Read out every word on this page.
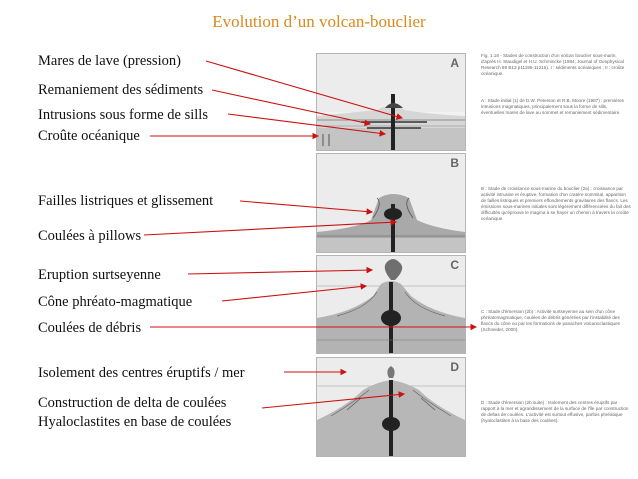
Evolution d’un volcan-bouclier
Mares de lave (pression)
Remaniement des sédiments
Intrusions sous forme de sills
Croûte océanique
Failles listriques et glissement
Coulées à pillows
Eruption surtseyenne
Cône phréato-magmatique
Coulées de débris
Isolement des centres éruptifs / mer
Construction de delta de coulées
Hyaloclastites en base de coulées
A
B
C
D
Fig. 1.18 - Stades de construction d'un volcan bouclier sous-marin, d'après H. Staudigel et H.U. Schmincke (1984, Journal of Geophysical Research 89 B13 p11195-11215). I : sédiments océaniques ; II : croûte océanique.
A : Stade initial (1) de D.W. Peterson et R.B. Moore (1987) : premières intrusions magmatiques, principalement sous la forme de sills, éventuelles mares de lave au sommet et remaniement sédimentaire.
B : Stade de croissance sous-marine du bouclier (2a) : croissance par activité intrusive et éruptive, formation d'un cratère sommital, apparition de failles listriques et premiers effondrements gravitaires des flancs. Les émissions sous-marines initiales sont légèrement différenciées du fait des difficultés qu'éprouve le magma à se frayer un chemin à travers la croûte océanique.
C : Stade d'émersion (2b) : Activité surtseyenne au sein d'un cône phréatomagmatique, coulées de débris générées par l'instabilité des flancs du cône ou par les formations de panaches volcanoclastiques (Schneider, 2000).
D : Stade d'émersion (2b suite) : Isolement des centres éruptifs par rapport à la mer et agrandissement de la surface de l'île par construction de deltas de coulées. L'activité est surtout effusive, parfois phréatique (hyaloclastites à la base des coulées).
